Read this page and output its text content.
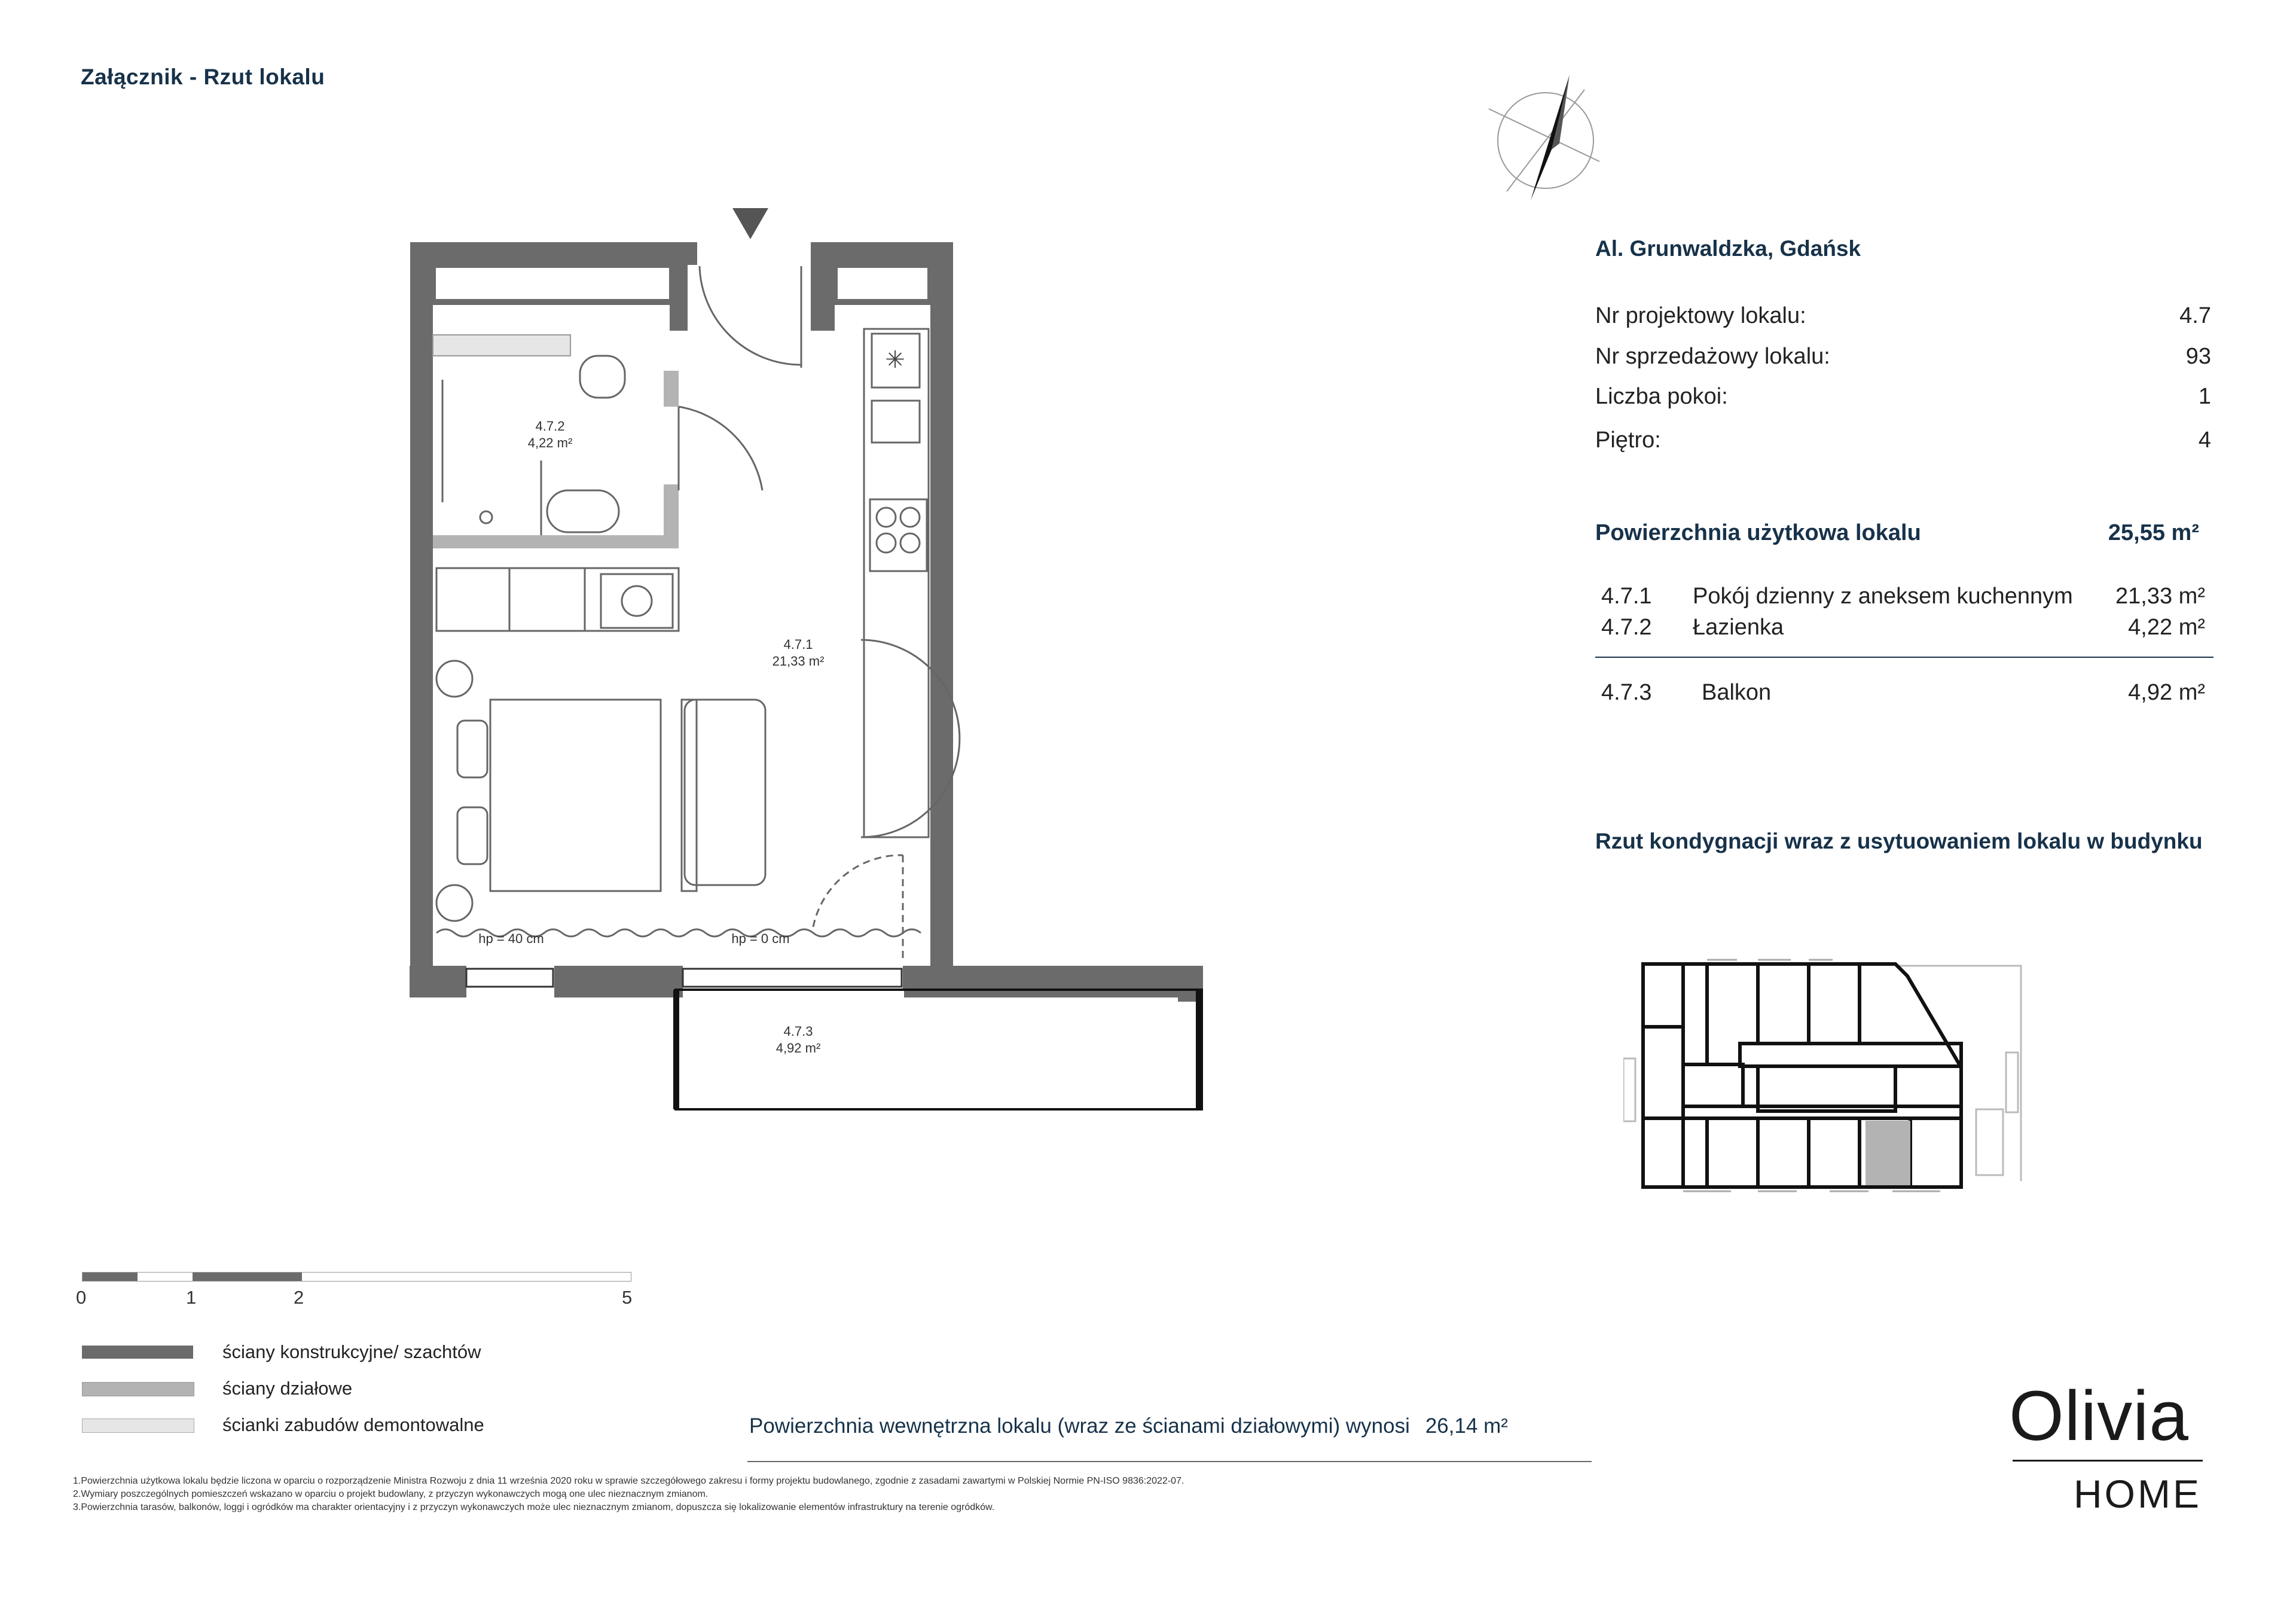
Załącznik - Rzut lokalu
✳
4.7.2
4,22 m²
4.7.1
21,33 m²
4.7.3
4,92 m²
hp = 40 cm	hp = 0 cm
Al. Grunwaldzka, Gdańsk
Nr projektowy lokalu:	4.7
Nr sprzedażowy lokalu:	93
Liczba pokoi:	1
Piętro:	4
Powierzchnia użytkowa lokalu	25,55 m²
4.7.1 Pokój dzienny z aneksem kuchennym 21,33 m²
4.7.2 Łazienka	4,22 m²
4.7.3 Balkon	4,92 m²
Rzut kondygnacji wraz z usytuowaniem lokalu w budynku
0	1	2	5
ściany konstrukcyjne/ szachtów
ściany działowe
ścianki zabudów demontowalne	Powierzchnia wewnętrzna lokalu (wraz ze ścianami działowymi) wynosi 26,14 m²
1.Powierzchnia użytkowa lokalu będzie liczona w oparciu o rozporządzenie Ministra Rozwoju z dnia 11 września 2020 roku w sprawie szczegółowego zakresu i formy projektu budowlanego, zgodnie z zasadami zawartymi w Polskiej Normie PN-ISO 9836:2022-07.
2.Wymiary poszczególnych pomieszczeń wskazano w oparciu o projekt budowlany, z przyczyn wykonawczych mogą one ulec nieznacznym zmianom.
3.Powierzchnia tarasów, balkonów, loggi i ogródków ma charakter orientacyjny i z przyczyn wykonawczych może ulec nieznacznym zmianom, dopuszcza się lokalizowanie elementów infrastruktury na terenie ogródków.
Olivia
HOME
